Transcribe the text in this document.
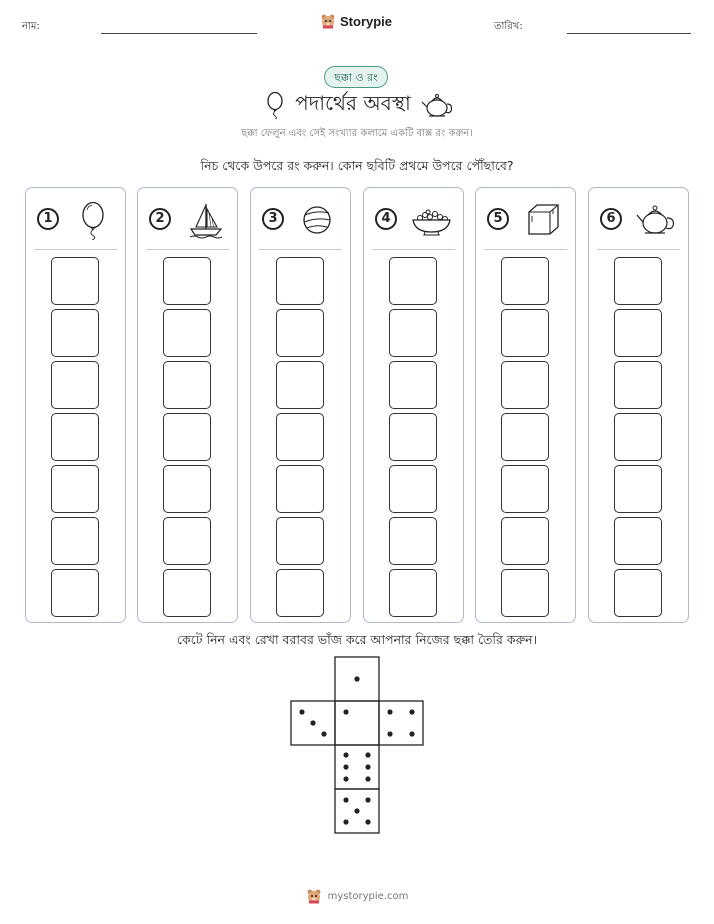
নাম:	Storypie	তারিখ:
ছক্কা ও রং
পদার্থের অবস্থা
ছক্কা ফেলুন এবং সেই সংখ্যার কলামে একটি বাক্স রং করুন।
নিচ থেকে উপরে রং করুন। কোন ছবিটি প্রথমে উপরে পৌঁছাবে?
1	2	3	4	5	6
কেটে নিন এবং রেখা বরাবর ভাঁজ করে আপনার নিজের ছক্কা তৈরি করুন।
mystorypie.com
